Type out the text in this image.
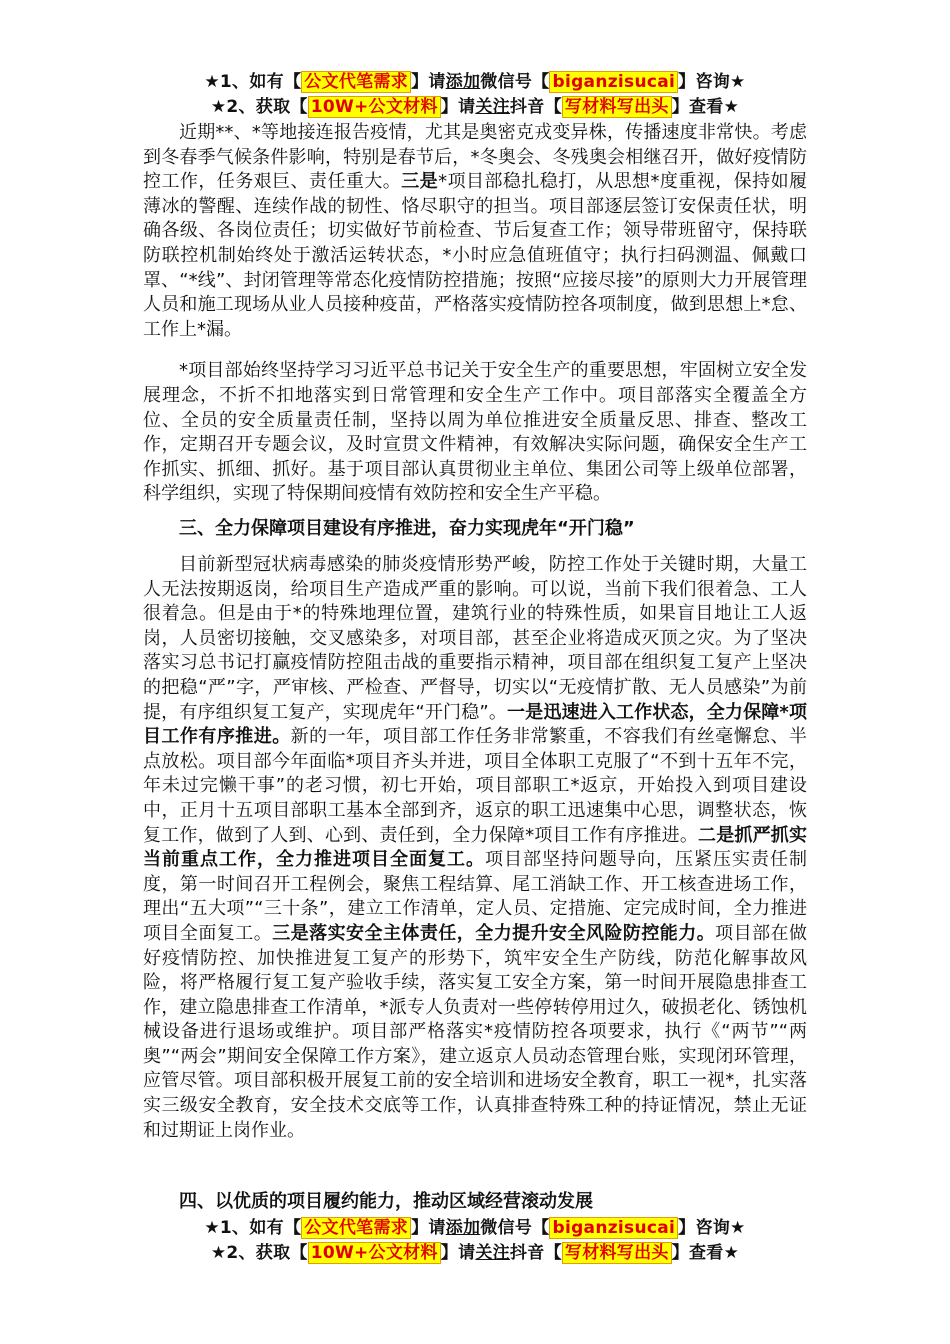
★1、如有【 公文代笔需求 】请添加微信号【 biganzisucai 】咨询★
★2、获取【 10W+公文材料 】请关注抖音【 写材料写出头 】查看★

近期**、*等地接连报告疫情，尤其是奥密克戎变异株，传播速度非常快。考虑到冬春季气候条件影响，特别是春节后，*冬奥会、冬残奥会相继召开，做好疫情防控工作，任务艰巨、责任重大。三是*项目部稳扎稳打，从思想*度重视，保持如履薄冰的警醒、连续作战的韧性、恪尽职守的担当。项目部逐层签订安保责任状，明确各级、各岗位责任；切实做好节前检查、节后复查工作；领导带班留守，保持联防联控机制始终处于激活运转状态，*小时应急值班值守；执行扫码测温、佩戴口罩、“*线”、封闭管理等常态化疫情防控措施；按照“应接尽接”的原则大力开展管理人员和施工现场从业人员接种疫苗，严格落实疫情防控各项制度，做到思想上*怠、工作上*漏。

*项目部始终坚持学习习近平总书记关于安全生产的重要思想，牢固树立安全发展理念，不折不扣地落实到日常管理和安全生产工作中。项目部落实全覆盖全方位、全员的安全质量责任制，坚持以周为单位推进安全质量反思、排查、整改工作，定期召开专题会议，及时宣贯文件精神，有效解决实际问题，确保安全生产工作抓实、抓细、抓好。基于项目部认真贯彻业主单位、集团公司等上级单位部署，科学组织，实现了特保期间疫情有效防控和安全生产平稳。

三、全力保障项目建设有序推进，奋力实现虎年“开门稳”

目前新型冠状病毒感染的肺炎疫情形势严峻，防控工作处于关键时期，大量工人无法按期返岗，给项目生产造成严重的影响。可以说，当前下我们很着急、工人很着急。但是由于*的特殊地理位置，建筑行业的特殊性质，如果盲目地让工人返岗，人员密切接触，交叉感染多，对项目部，甚至企业将造成灭顶之灾。为了坚决落实习总书记打赢疫情防控阻击战的重要指示精神，项目部在组织复工复产上坚决的把稳“严”字，严审核、严检查、严督导，切实以“无疫情扩散、无人员感染”为前提，有序组织复工复产，实现虎年“开门稳”。一是迅速进入工作状态，全力保障*项目工作有序推进。新的一年，项目部工作任务非常繁重，不容我们有丝毫懈怠、半点放松。项目部今年面临*项目齐头并进，项目全体职工克服了“不到十五年不完，年未过完懒干事”的老习惯，初七开始，项目部职工*返京，开始投入到项目建设中，正月十五项目部职工基本全部到齐，返京的职工迅速集中心思，调整状态，恢复工作，做到了人到、心到、责任到，全力保障*项目工作有序推进。二是抓严抓实当前重点工作，全力推进项目全面复工。项目部坚持问题导向，压紧压实责任制度，第一时间召开工程例会，聚焦工程结算、尾工消缺工作、开工核查进场工作，理出“五大项”“三十条”，建立工作清单，定人员、定措施、定完成时间，全力推进项目全面复工。三是落实安全主体责任，全力提升安全风险防控能力。项目部在做好疫情防控、加快推进复工复产的形势下，筑牢安全生产防线，防范化解事故风险，将严格履行复工复产验收手续，落实复工安全方案，第一时间开展隐患排查工作，建立隐患排查工作清单，*派专人负责对一些停转停用过久，破损老化、锈蚀机械设备进行退场或维护。项目部严格落实*疫情防控各项要求，执行《“两节”“两奥”“两会”期间安全保障工作方案》，建立返京人员动态管理台账，实现闭环管理，应管尽管。项目部积极开展复工前的安全培训和进场安全教育，职工一视*，扎实落实三级安全教育，安全技术交底等工作，认真排查特殊工种的持证情况，禁止无证和过期证上岗作业。

四、以优质的项目履约能力，推动区域经营滚动发展
★1、如有【 公文代笔需求 】请添加微信号【 biganzisucai 】咨询★
★2、获取【 10W+公文材料 】请关注抖音【 写材料写出头 】查看★
